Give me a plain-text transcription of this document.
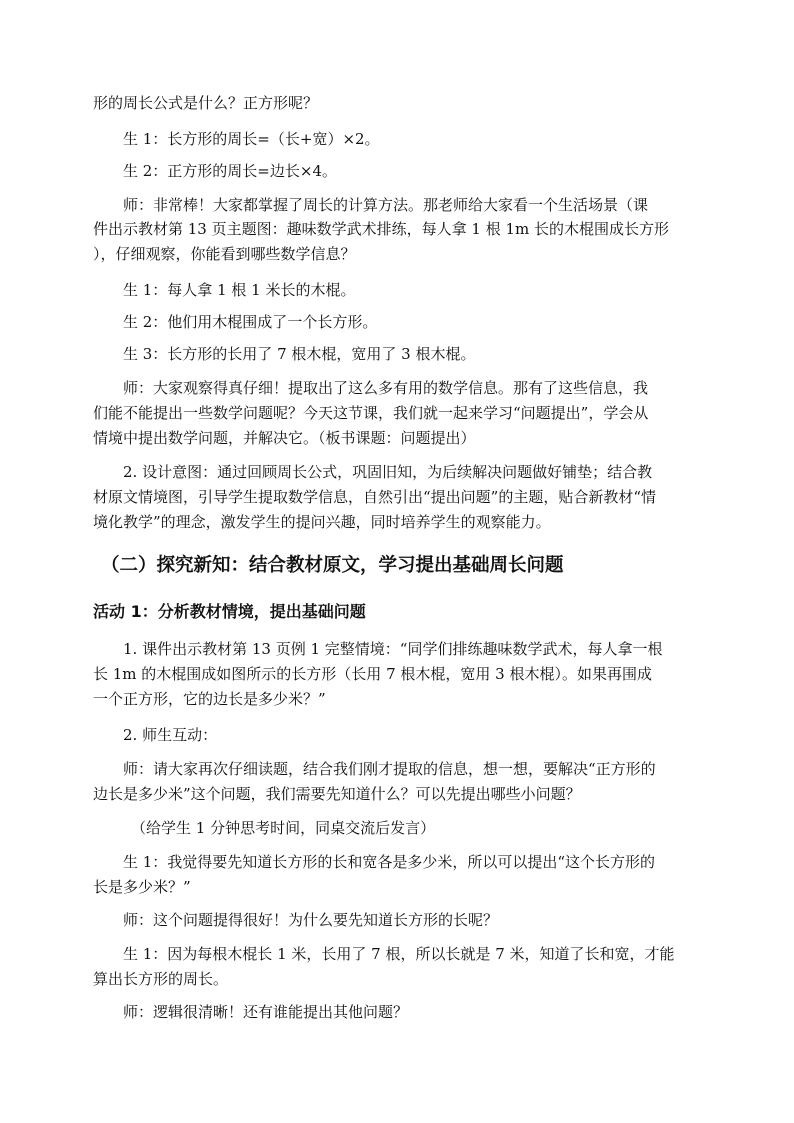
形的周长公式是什么？正方形呢？
生 1：长方形的周长=（长+宽）×2。
生 2：正方形的周长=边长×4。
师：非常棒！大家都掌握了周长的计算方法。那老师给大家看一个生活场景（课
件出示教材第 13 页主题图：趣味数学武术排练，每人拿 1 根 1m 长的木棍围成长方形
），仔细观察，你能看到哪些数学信息？
生 1：每人拿 1 根 1 米长的木棍。
生 2：他们用木棍围成了一个长方形。
生 3：长方形的长用了 7 根木棍，宽用了 3 根木棍。
师：大家观察得真仔细！提取出了这么多有用的数学信息。那有了这些信息，我
们能不能提出一些数学问题呢？今天这节课，我们就一起来学习“问题提出”，学会从
情境中提出数学问题，并解决它。（板书课题：问题提出）
2. 设计意图：通过回顾周长公式，巩固旧知，为后续解决问题做好铺垫；结合教
材原文情境图，引导学生提取数学信息，自然引出“提出问题”的主题，贴合新教材“情
境化教学”的理念，激发学生的提问兴趣，同时培养学生的观察能力。
（二）探究新知：结合教材原文，学习提出基础周长问题
活动 1：分析教材情境，提出基础问题
1. 课件出示教材第 13 页例 1 完整情境：“同学们排练趣味数学武术，每人拿一根
长 1m 的木棍围成如图所示的长方形（长用 7 根木棍，宽用 3 根木棍）。如果再围成
一个正方形，它的边长是多少米？”
2. 师生互动：
师：请大家再次仔细读题，结合我们刚才提取的信息，想一想，要解决“正方形的
边长是多少米”这个问题，我们需要先知道什么？可以先提出哪些小问题？
（给学生 1 分钟思考时间，同桌交流后发言）
生 1：我觉得要先知道长方形的长和宽各是多少米，所以可以提出“这个长方形的
长是多少米？”
师：这个问题提得很好！为什么要先知道长方形的长呢？
生 1：因为每根木棍长 1 米，长用了 7 根，所以长就是 7 米，知道了长和宽，才能
算出长方形的周长。
师：逻辑很清晰！还有谁能提出其他问题？
